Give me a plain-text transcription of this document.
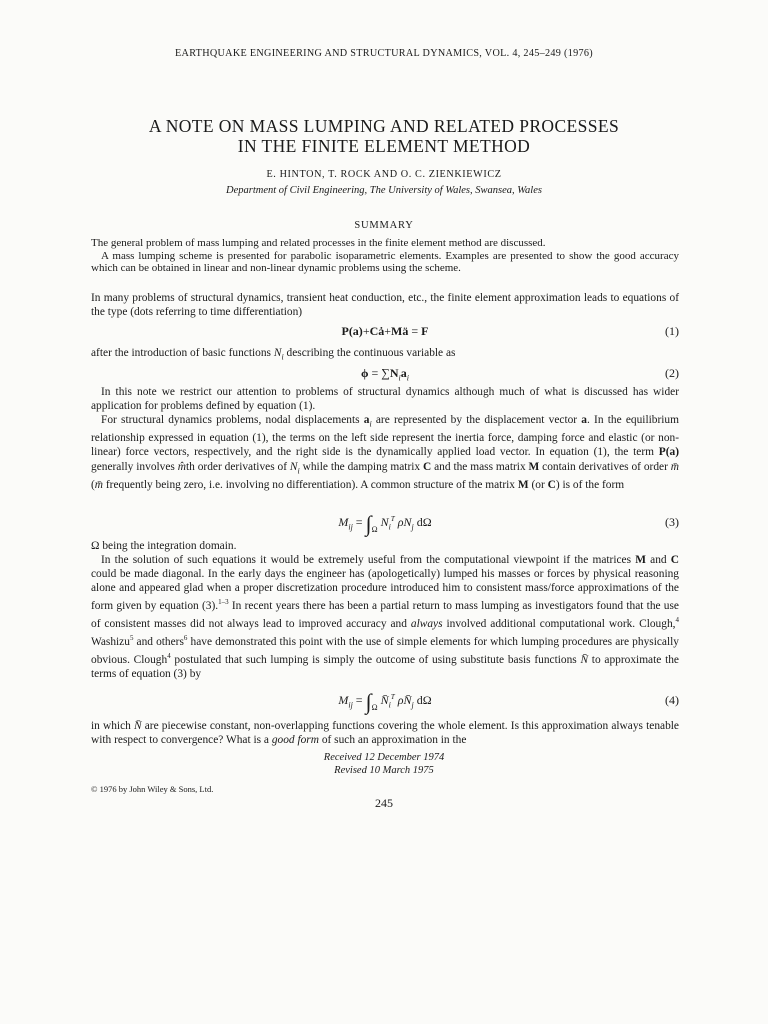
EARTHQUAKE ENGINEERING AND STRUCTURAL DYNAMICS, VOL. 4, 245–249 (1976)
A NOTE ON MASS LUMPING AND RELATED PROCESSES
IN THE FINITE ELEMENT METHOD
E. HINTON, T. ROCK AND O. C. ZIENKIEWICZ
Department of Civil Engineering, The University of Wales, Swansea, Wales
SUMMARY

The general problem of mass lumping and related processes in the finite element method are discussed.

A mass lumping scheme is presented for parabolic isoparametric elements. Examples are presented to show the good accuracy which can be obtained in linear and non-linear dynamic problems using the scheme.

In many problems of structural dynamics, transient heat conduction, etc., the finite element approximation leads to equations of the type (dots referring to time differentiation)

P(a)+Cȧ+Mä = F	(1)

after the introduction of basic functions $N_i$ describing the continuous variable as

$\phi = \sum N_ia_i$	(2)

In this note we restrict our attention to problems of structural dynamics although much of what is discussed has wider application for problems defined by equation (1).

For structural dynamics problems, nodal displacements $a_i$ are represented by the displacement vector a. In the equilibrium relationship expressed in equation (1), the terms on the left side represent the inertia force, damping force and elastic (or non-linear) force vectors, respectively, and the right side is the dynamically applied load vector. In equation (1), the term P(a) generally involves m̂th order derivatives of $N_i$ while the damping matrix C and the mass matrix M contain derivatives of order m̄ (m̄ frequently being zero, i.e. involving no differentiation). A common structure of the matrix M (or C) is of the form

$M_{ij} = \int_\Omega$ $N_i^T$ $\rho N_j$ dΩ	(3)

Ω being the integration domain.

In the solution of such equations it would be extremely useful from the computational viewpoint if the matrices M and C could be made diagonal. In the early days the engineer has (apologetically) lumped his masses or forces by physical reasoning alone and appeared glad when a proper discretization procedure introduced him to consistent mass/force approximations of the form given by equation (3).$^{1-3}$ In recent years there has been a partial return to mass lumping as investigators found that the use of consistent masses did not always lead to improved accuracy and always involved additional computational work. Clough,$^4$ Washizu$^5$ and others$^6$ have demonstrated this point with the use of simple elements for which lumping procedures are physically obvious. Clough$^4$ postulated that such lumping is simply the outcome of using substitute basis functions N̄ to approximate the terms of equation (3) by

$M_{ij} = \int_\Omega$ $N̄_i^T$ $\rho N̄_j$ dΩ	(4)

in which N̄ are piecewise constant, non-overlapping functions covering the whole element. Is this approximation always tenable with respect to convergence? What is a good form of such an approximation in the

Received 12 December 1974
Revised 10 March 1975
© 1976 by John Wiley & Sons, Ltd.
245
